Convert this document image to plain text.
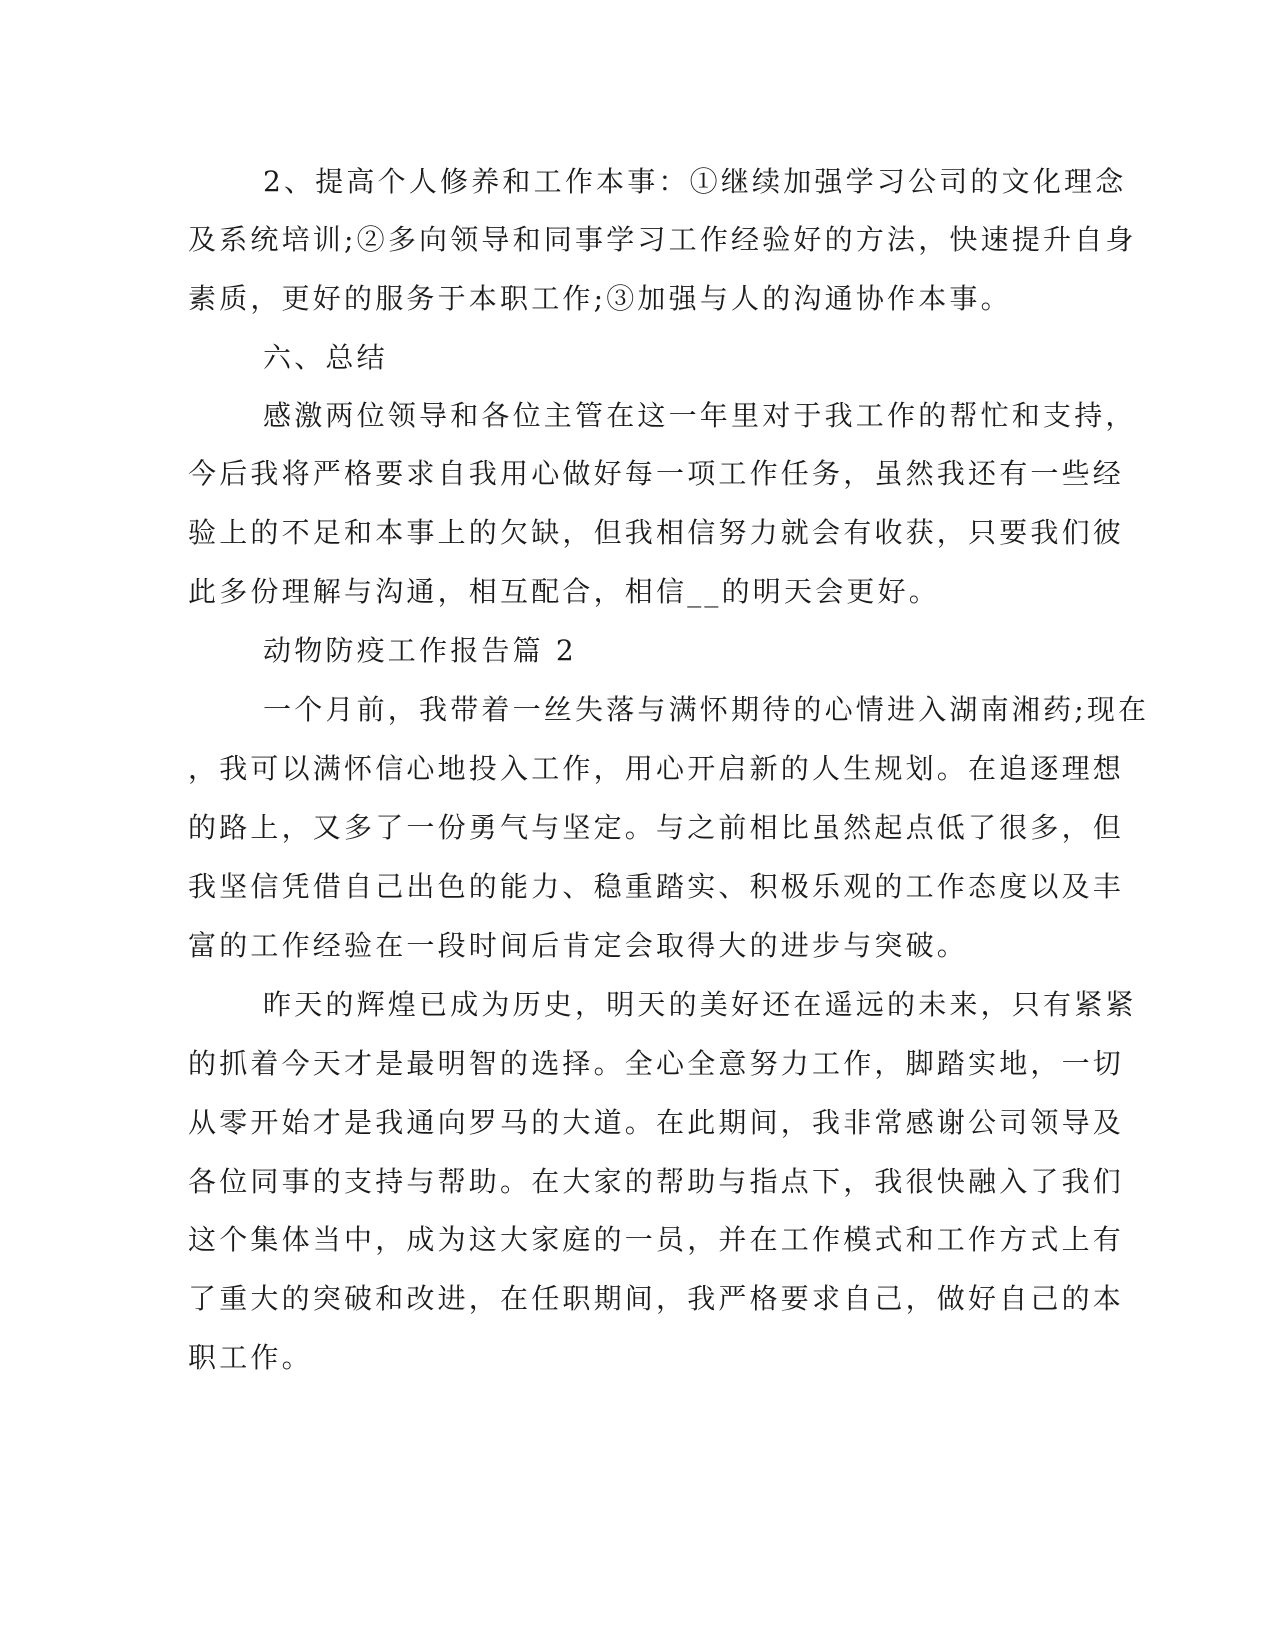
2、提高个人修养和工作本事：①继续加强学习公司的文化理念
及系统培训;②多向领导和同事学习工作经验好的方法，快速提升自身
素质，更好的服务于本职工作;③加强与人的沟通协作本事。
六、总结
感激两位领导和各位主管在这一年里对于我工作的帮忙和支持，
今后我将严格要求自我用心做好每一项工作任务，虽然我还有一些经
验上的不足和本事上的欠缺，但我相信努力就会有收获，只要我们彼
此多份理解与沟通，相互配合，相信__的明天会更好。
动物防疫工作报告篇 2
一个月前，我带着一丝失落与满怀期待的心情进入湖南湘药;现在
，我可以满怀信心地投入工作，用心开启新的人生规划。在追逐理想
的路上，又多了一份勇气与坚定。与之前相比虽然起点低了很多，但
我坚信凭借自己出色的能力、稳重踏实、积极乐观的工作态度以及丰
富的工作经验在一段时间后肯定会取得大的进步与突破。
昨天的辉煌已成为历史，明天的美好还在遥远的未来，只有紧紧
的抓着今天才是最明智的选择。全心全意努力工作，脚踏实地，一切
从零开始才是我通向罗马的大道。在此期间，我非常感谢公司领导及
各位同事的支持与帮助。在大家的帮助与指点下，我很快融入了我们
这个集体当中，成为这大家庭的一员，并在工作模式和工作方式上有
了重大的突破和改进，在任职期间，我严格要求自己，做好自己的本
职工作。
